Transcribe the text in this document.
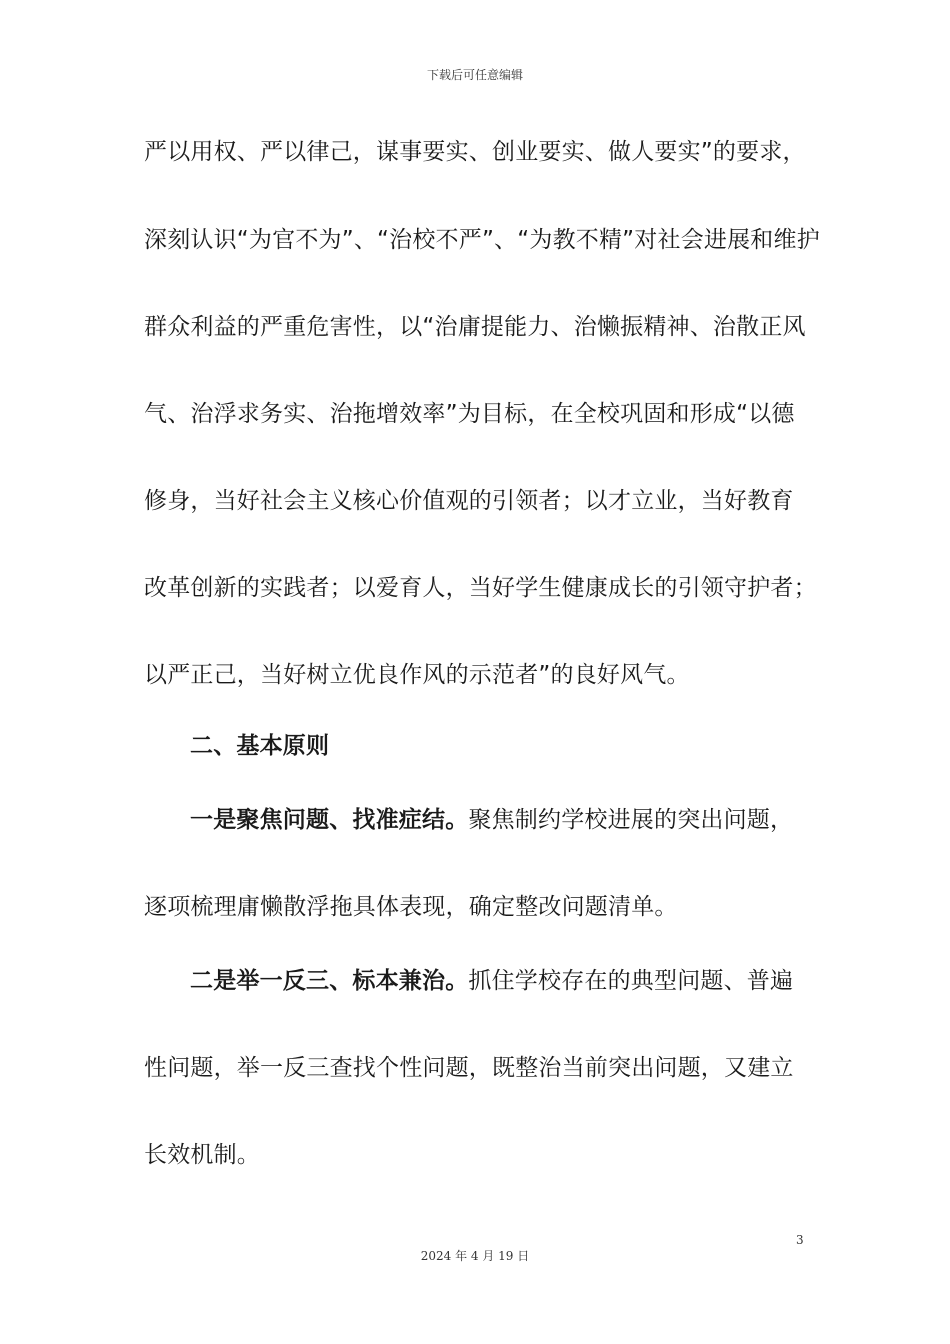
下载后可任意编辑
严以用权、严以律己，谋事要实、创业要实、做人要实”的要求，
深刻认识“为官不为”、“治校不严”、“为教不精”对社会进展和维护
群众利益的严重危害性，以“治庸提能力、治懒振精神、治散正风
气、治浮求务实、治拖增效率”为目标，在全校巩固和形成“以德
修身，当好社会主义核心价值观的引领者；以才立业，当好教育
改革创新的实践者；以爱育人，当好学生健康成长的引领守护者；
以严正己，当好树立优良作风的示范者”的良好风气。
二、基本原则
一是聚焦问题、找准症结。聚焦制约学校进展的突出问题，
逐项梳理庸懒散浮拖具体表现，确定整改问题清单。
二是举一反三、标本兼治。抓住学校存在的典型问题、普遍
性问题，举一反三查找个性问题，既整治当前突出问题，又建立
长效机制。
3
2024 年 4 月 19 日
